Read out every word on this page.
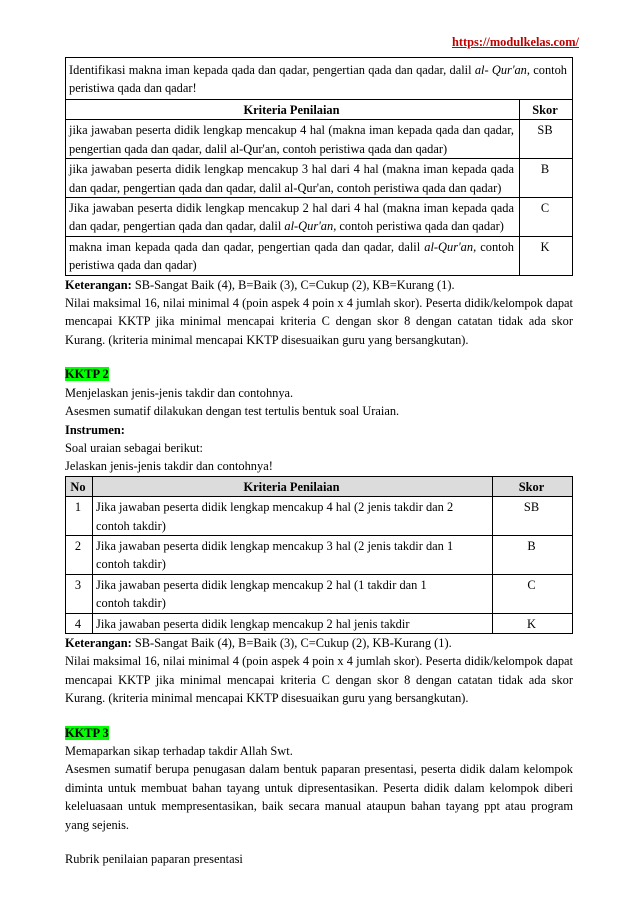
https://modulkelas.com/
Identifikasi makna iman kepada qada dan qadar, pengertian qada dan qadar, dalil al- Qur'an, contoh peristiwa qada dan qadar!
Kriteria Penilaian	Skor
jika jawaban peserta didik lengkap mencakup 4 hal (makna iman kepada qada dan qadar, pengertian qada dan qadar, dalil al-Qur'an, contoh peristiwa qada dan qadar)	SB
jika jawaban peserta didik lengkap mencakup 3 hal dari 4 hal (makna iman kepada qada dan qadar, pengertian qada dan qadar, dalil al-Qur'an, contoh peristiwa qada dan qadar)	B
Jika jawaban peserta didik lengkap mencakup 2 hal dari 4 hal (makna iman kepada qada dan qadar, pengertian qada dan qadar, dalil al-Qur'an, contoh peristiwa qada dan qadar)	C
makna iman kepada qada dan qadar, pengertian qada dan qadar, dalil al-Qur'an, contoh peristiwa qada dan qadar)	K

Keterangan: SB-Sangat Baik (4), B=Baik (3), C=Cukup (2), KB=Kurang (1).

Nilai maksimal 16, nilai minimal 4 (poin aspek 4 poin x 4 jumlah skor). Peserta didik/kelompok dapat mencapai KKTP jika minimal mencapai kriteria C dengan skor 8 dengan catatan tidak ada skor Kurang. (kriteria minimal mencapai KKTP disesuaikan guru yang bersangkutan).

KKTP 2

Menjelaskan jenis-jenis takdir dan contohnya.

Asesmen sumatif dilakukan dengan test tertulis bentuk soal Uraian.

Instrumen:

Soal uraian sebagai berikut:

Jelaskan jenis-jenis takdir dan contohnya!

No	Kriteria Penilaian	Skor
1	Jika jawaban peserta didik lengkap mencakup 4 hal (2 jenis takdir dan 2
contoh takdir)	SB
2	Jika jawaban peserta didik lengkap mencakup 3 hal (2 jenis takdir dan 1
contoh takdir)	B
3	Jika jawaban peserta didik lengkap mencakup 2 hal (1 takdir dan 1
contoh takdir)	C
4	Jika jawaban peserta didik lengkap mencakup 2 hal jenis takdir	K

Keterangan: SB-Sangat Baik (4), B=Baik (3), C=Cukup (2), KB-Kurang (1).

Nilai maksimal 16, nilai minimal 4 (poin aspek 4 poin x 4 jumlah skor). Peserta didik/kelompok dapat mencapai KKTP jika minimal mencapai kriteria C dengan skor 8 dengan catatan tidak ada skor Kurang. (kriteria minimal mencapai KKTP disesuaikan guru yang bersangkutan).

KKTP 3

Memaparkan sikap terhadap takdir Allah Swt.

Asesmen sumatif berupa penugasan dalam bentuk paparan presentasi, peserta didik dalam kelompok diminta untuk membuat bahan tayang untuk dipresentasikan. Peserta didik dalam kelompok diberi keleluasaan untuk mempresentasikan, baik secara manual ataupun bahan tayang ppt atau program yang sejenis.

Rubrik penilaian paparan presentasi
